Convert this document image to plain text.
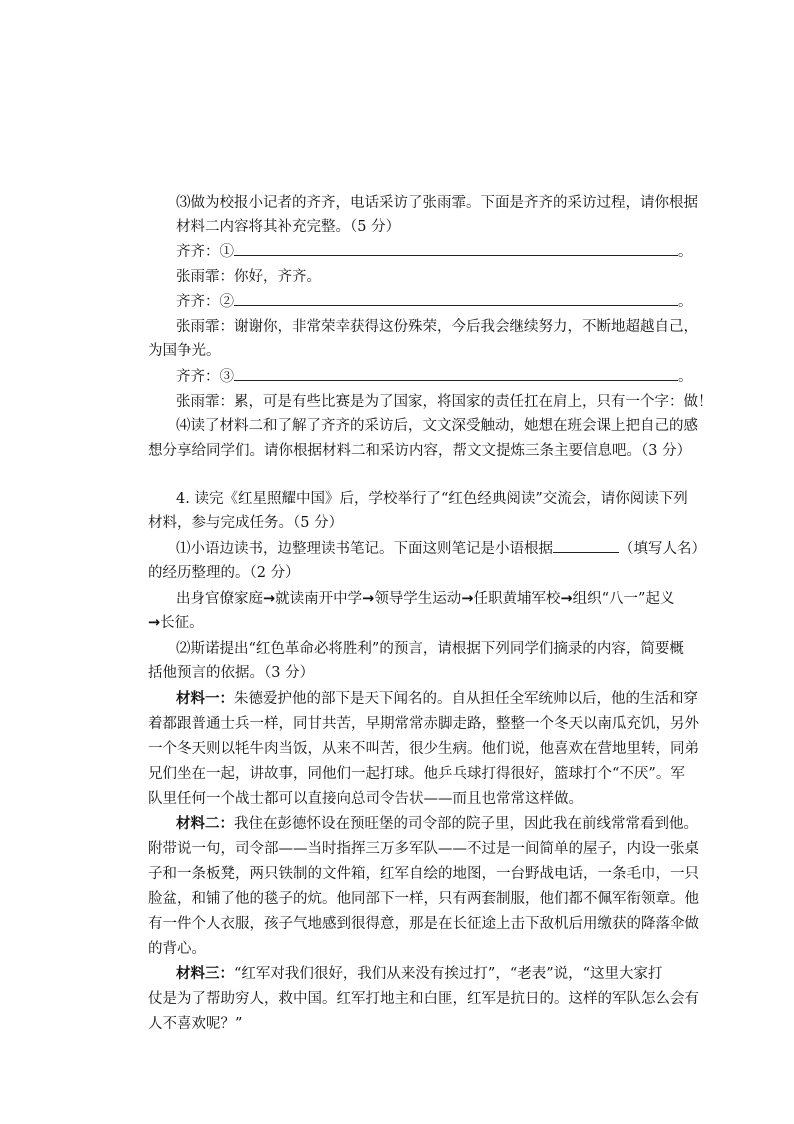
⑶做为校报小记者的齐齐，电话采访了张雨霏。下面是齐齐的采访过程，请你根据
材料二内容将其补充完整。（5 分）
齐齐：①	。
张雨霏：你好，齐齐。
齐齐：②	。
张雨霏：谢谢你，非常荣幸获得这份殊荣，今后我会继续努力，不断地超越自己，
为国争光。
齐齐：③	。
张雨霏：累，可是有些比赛是为了国家，将国家的责任扛在肩上，只有一个字：做！
⑷读了材料二和了解了齐齐的采访后，文文深受触动，她想在班会课上把自己的感
想分享给同学们。请你根据材料二和采访内容，帮文文提炼三条主要信息吧。（3 分）
4. 读完《红星照耀中国》后，学校举行了“红色经典阅读”交流会，请你阅读下列
材料，参与完成任务。（5 分）
⑴小语边读书，边整理读书笔记。下面这则笔记是小语根据	（填写人名）
的经历整理的。（2 分）
出身官僚家庭→就读南开中学→领导学生运动→任职黄埔军校→组织“八一”起义
→长征。
⑵斯诺提出“红色革命必将胜利”的预言，请根据下列同学们摘录的内容，简要概
括他预言的依据。（3 分）
材料一：朱德爱护他的部下是天下闻名的。自从担任全军统帅以后，他的生活和穿
着都跟普通士兵一样，同甘共苦，早期常常赤脚走路，整整一个冬天以南瓜充饥，另外
一个冬天则以牦牛肉当饭，从来不叫苦，很少生病。他们说，他喜欢在营地里转，同弟
兄们坐在一起，讲故事，同他们一起打球。他乒乓球打得很好，篮球打个“不厌”。军
队里任何一个战士都可以直接向总司令告状——而且也常常这样做。
材料二：我住在彭德怀设在预旺堡的司令部的院子里，因此我在前线常常看到他。
附带说一句，司令部——当时指挥三万多军队——不过是一间简单的屋子，内设一张桌
子和一条板凳，两只铁制的文件箱，红军自绘的地图，一台野战电话，一条毛巾，一只
脸盆，和铺了他的毯子的炕。他同部下一样，只有两套制服，他们都不佩军衔领章。他
有一件个人衣服，孩子气地感到很得意，那是在长征途上击下敌机后用缴获的降落伞做
的背心。
材料三：“红军对我们很好，我们从来没有挨过打”，“老表”说，“这里大家打
仗是为了帮助穷人，救中国。红军打地主和白匪，红军是抗日的。这样的军队怎么会有
人不喜欢呢？”
